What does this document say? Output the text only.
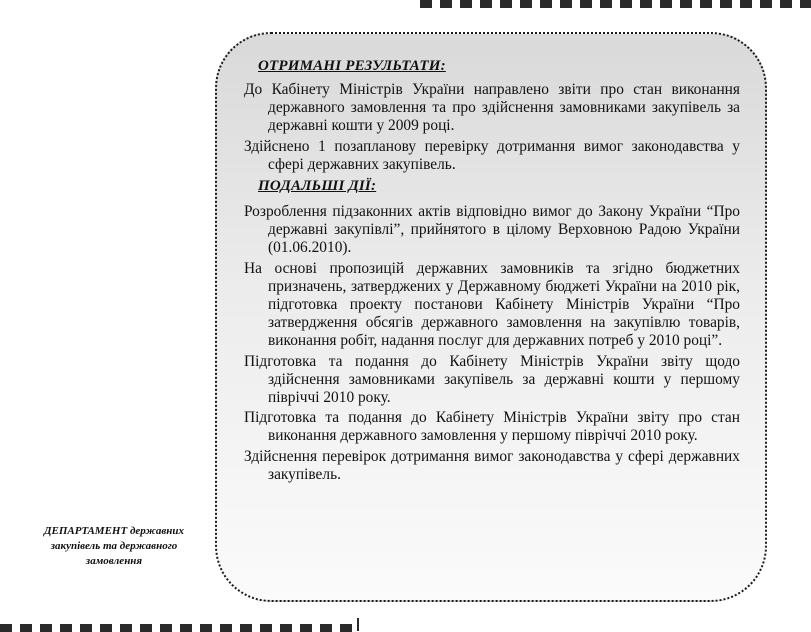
ОТРИМАНІ РЕЗУЛЬТАТИ:

До Кабінету Міністрів України направлено звіти про стан виконання державного замовлення та про здійснення замовниками закупівель за державні кошти у 2009 році.

Здійснено 1 позапланову перевірку дотримання вимог законодавства у сфері державних закупівель.

ПОДАЛЬШІ ДІЇ:

Розроблення підзаконних актів відповідно вимог до Закону України “Про державні закупівлі”, прийнятого в цілому Верховною Радою України (01.06.2010).

На основі пропозицій державних замовників та згідно бюджетних призначень, затверджених у Державному бюджеті України на 2010 рік, підготовка проекту постанови Кабінету Міністрів України “Про затвердження обсягів державного замовлення на закупівлю товарів, виконання робіт, надання послуг для державних потреб у 2010 році”.

Підготовка та подання до Кабінету Міністрів України звіту щодо здійснення замовниками закупівель за державні кошти у першому півріччі 2010 року.

Підготовка та подання до Кабінету Міністрів України звіту про стан виконання державного замовлення у першому півріччі 2010 року.

Здійснення перевірок дотримання вимог законодавства у сфері державних закупівель.

ДЕПАРТАМЕНТ державних закупівель та державного замовлення
